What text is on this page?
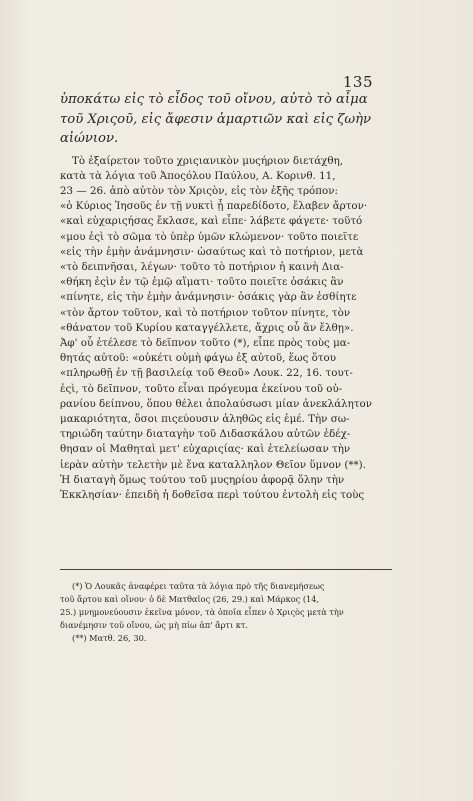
135
ὑποκάτω εἰς τὸ εἶδος τοῦ οἴνου, αὐτὸ τὸ αἷμα
τοῦ Χριςοῦ, εἰς ἄφεσιν ἁμαρτιῶν καὶ εἰς ζωὴν
αἰώνιον.
Τὸ ἐξαίρετον τοῦτο χριςιανικὸν μυςήριον διετάχθη,
κατὰ τὰ λόγια τοῦ Ἀποςόλου Παύλου, Α. Κορινθ. 11,
23 — 26. ἀπὸ αὐτὸν τὸν Χριςὸν, εἰς τὸν ἑξῆς τρόπον:
«ὁ Κύριος Ἰησοῦς ἐν τῇ νυκτὶ ᾗ παρεδίδοτο, ἔλαβεν ἄρτον·
«καὶ εὐχαριςήσας ἔκλασε, καὶ εἶπε· λάβετε φάγετε· τοῦτό
«μου ἐςὶ τὸ σῶμα τὸ ὑπὲρ ὑμῶν κλώμενον· τοῦτο ποιεῖτε
«εἰς τὴν ἐμὴν ἀνάμνησιν· ὡσαύτως καὶ τὸ ποτήριον, μετὰ
«τὸ δειπνῆσαι, λέγων· τοῦτο τὸ ποτήριον ἡ καινὴ Δια-
«θήκη ἐςὶν ἐν τῷ ἐμῷ αἵματι· τοῦτο ποιεῖτε ὁσάκις ἂν
«πίνητε, εἰς τὴν ἐμὴν ἀνάμνησιν· ὁσάκις γὰρ ἂν ἐσθίητε
«τὸν ἄρτον τοῦτον, καὶ τὸ ποτήριον τοῦτον πίνητε, τὸν
«θάνατον τοῦ Κυρίου καταγγέλλετε, ἄχρις οὗ ἂν ἔλθῃ».
Ἀφ' οὗ ἐτέλεσε τὸ δεῖπνον τοῦτο (*), εἶπε πρὸς τοὺς μα-
θητάς αὐτοῦ: «οὐκέτι οὐμὴ φάγω ἐξ αὐτοῦ, ἕως ὅτου
«πληρωθῇ ἐν τῇ βασιλείᾳ τοῦ Θεοῦ» Λουκ. 22, 16. τουτ-
ἐςὶ, τὸ δεῖπνον, τοῦτο εἶναι πρόγευμα ἐκείνου τοῦ οὐ-
ρανίου δείπνου, ὅπου θέλει ἀπολαύσωσι μίαν ἀνεκλάλητον
μακαριότητα, ὅσοι πιςεύουσιν ἀληθῶς εἰς ἐμέ. Τὴν σω-
τηριώδη ταύτην διαταγὴν τοῦ Διδασκάλου αὐτῶν ἐδέχ-
θησαν οἱ Μαθηταὶ μετ' εὐχαριςίας· καὶ ἐτελείωσαν τὴν
ἱερὰν αὐτὴν τελετὴν μὲ ἕνα καταλληλον Θεῖον ὕμνον (**).
Ἡ διαταγὴ ὅμως τούτου τοῦ μυςηρίου ἀφορᾷ ὅλην τὴν
Ἐκκλησίαν· ἐπειδὴ ἡ δοθεῖσα περὶ τούτου ἐντολὴ εἰς τοὺς
(*) Ὁ Λουκᾶς ἀναφέρει ταῦτα τὰ λόγια πρὸ τῆς διανεμήσεως
τοῦ ἄρτου καὶ οἴνου· ὁ δὲ Ματθαῖος (26, 29.) καὶ Μάρκος (14,
25.) μνημονεύουσιν ἐκεῖνα μόνον, τὰ ὁποῖα εἶπεν ὁ Χριςὸς μετὰ τὴν
διανέμησιν τοῦ οἴνου, ὡς μὴ πίω ἀπ' ἄρτι κτ.
(**) Ματθ. 26, 30.
